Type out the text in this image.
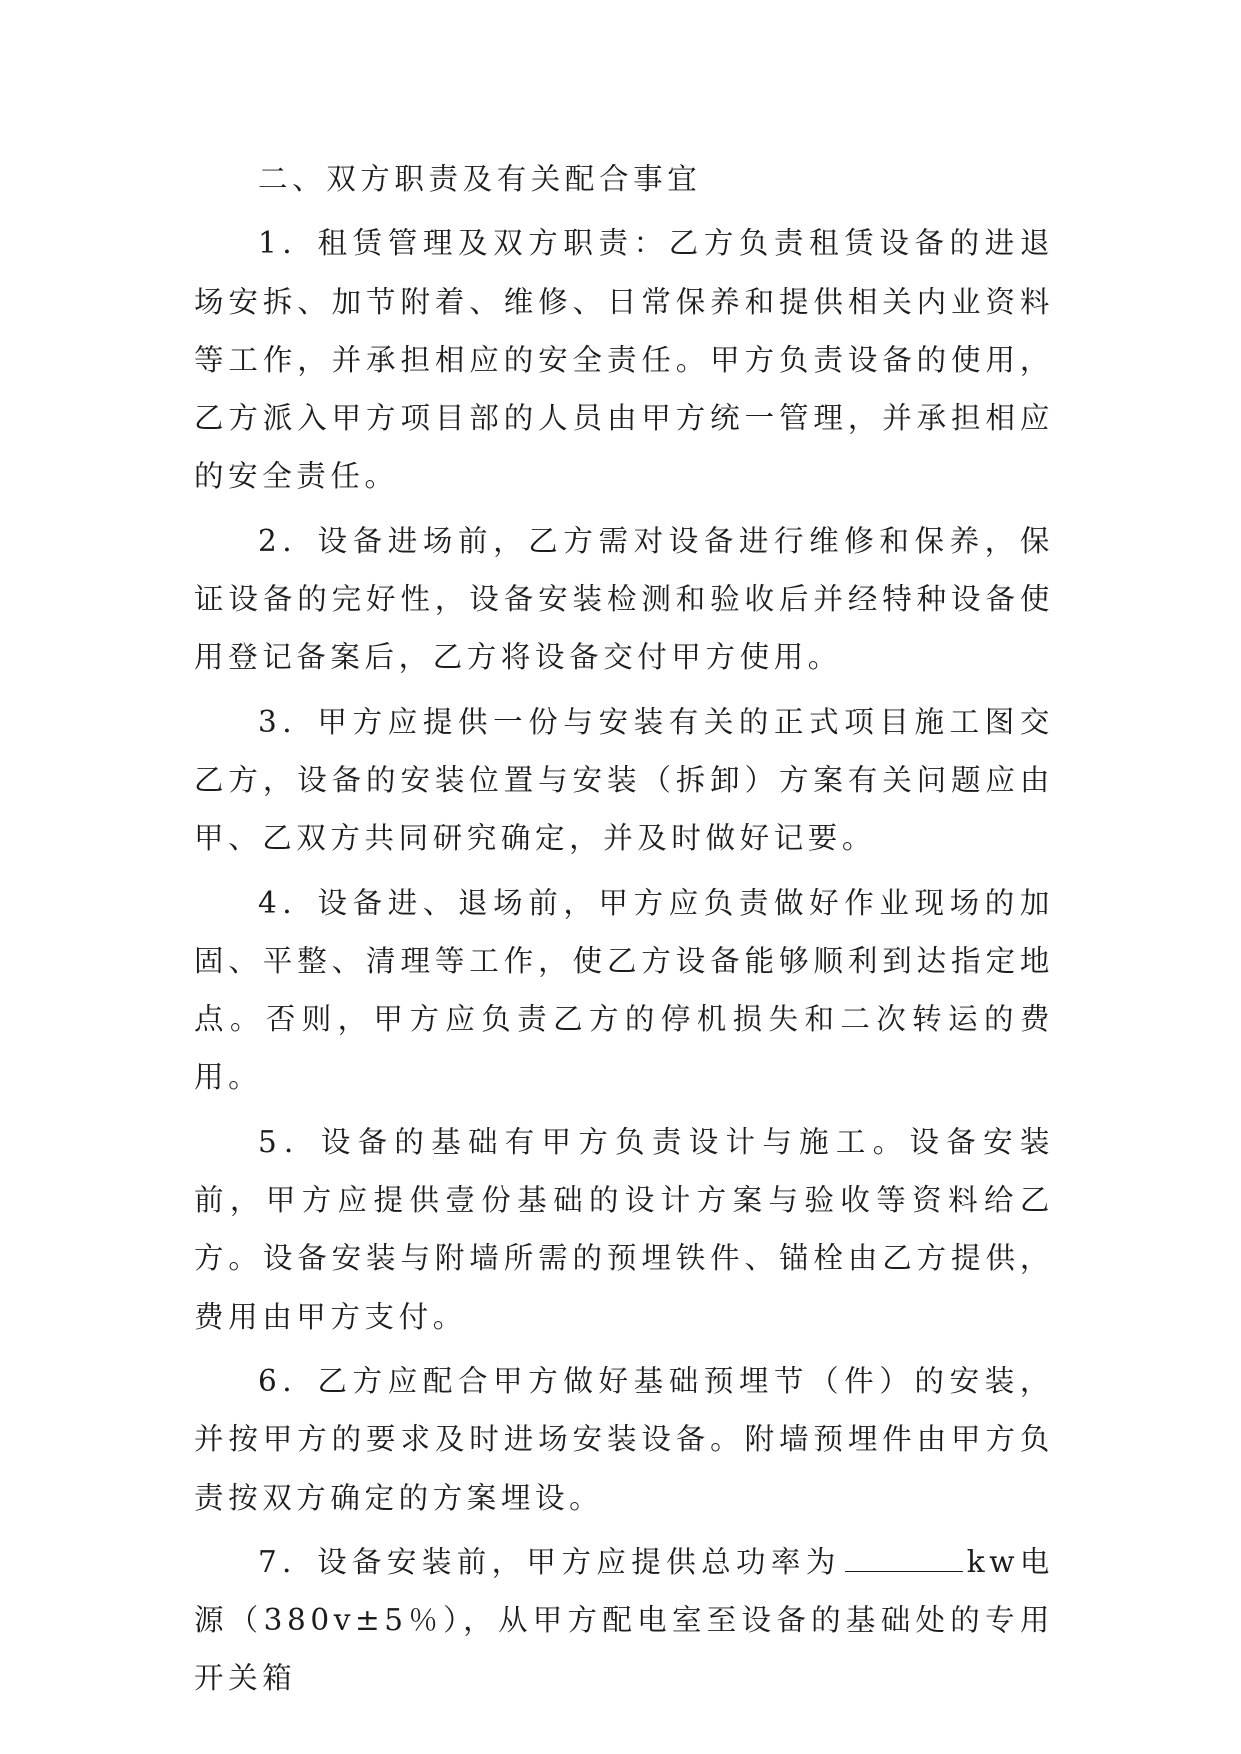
二、双方职责及有关配合事宜

1．租赁管理及双方职责：乙方负责租赁设备的进退场安拆、加节附着、维修、日常保养和提供相关内业资料等工作，并承担相应的安全责任。甲方负责设备的使用，乙方派入甲方项目部的人员由甲方统一管理，并承担相应的安全责任。

2．设备进场前，乙方需对设备进行维修和保养，保证设备的完好性，设备安装检测和验收后并经特种设备使用登记备案后，乙方将设备交付甲方使用。

3．甲方应提供一份与安装有关的正式项目施工图交乙方，设备的安装位置与安装（拆卸）方案有关问题应由甲、乙双方共同研究确定，并及时做好记要。

4．设备进、退场前，甲方应负责做好作业现场的加固、平整、清理等工作，使乙方设备能够顺利到达指定地点。否则，甲方应负责乙方的停机损失和二次转运的费用。

5．设备的基础有甲方负责设计与施工。设备安装前，甲方应提供壹份基础的设计方案与验收等资料给乙方。设备安装与附墙所需的预埋铁件、锚栓由乙方提供，费用由甲方支付。

6．乙方应配合甲方做好基础预埋节（件）的安装，并按甲方的要求及时进场安装设备。附墙预埋件由甲方负责按双方确定的方案埋设。

7．设备安装前，甲方应提供总功率为	kw电源（380v±5％），从甲方配电室至设备的基础处的专用开关箱
